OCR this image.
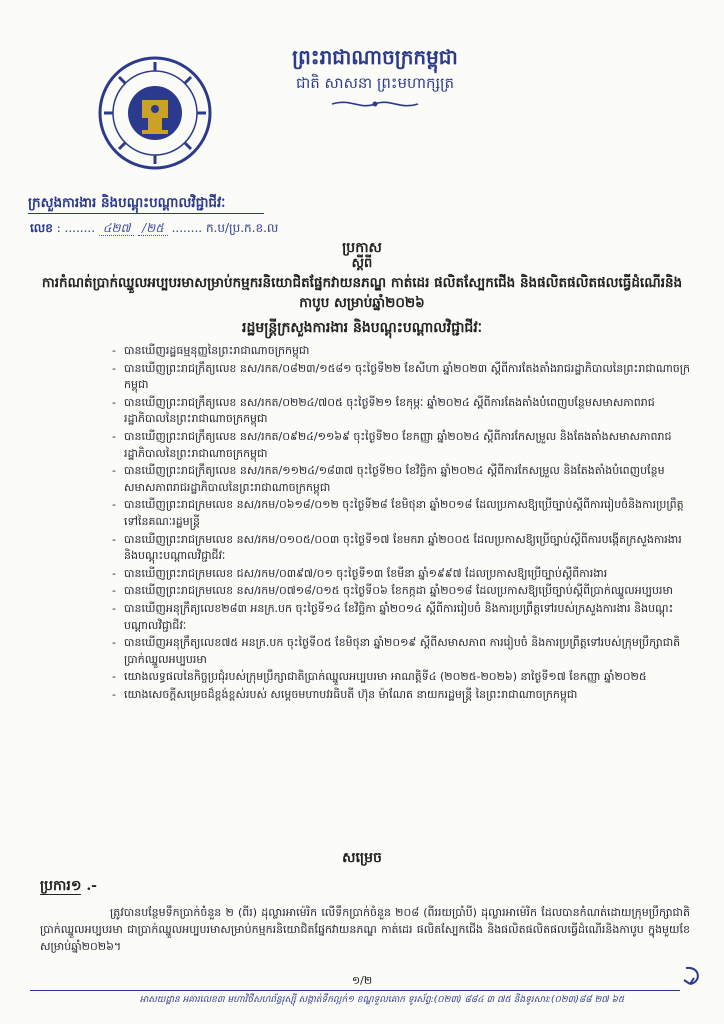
ព្រះរាជាណាចក្រកម្ពុជា
ជាតិ សាសនា ព្រះមហាក្សត្រ
ក្រសួងការងារ និងបណ្តុះបណ្តាលវិជ្ជាជីវៈ
លេខ : ........ ៤២៧ /២៥ ........ ក.ប/ប្រ.ក.ខ.ល
ប្រកាស
ស្តីពី
ការកំណត់ប្រាក់ឈ្នួលអប្បបរមាសម្រាប់កម្មករនិយោជិតផ្នែកវាយនភណ្ឌ កាត់ដេរ ផលិតស្បែកជើង និងផលិតផលិតផលធ្វើដំណើរនិងកាបូប សម្រាប់ឆ្នាំ២០២៦
រដ្ឋមន្ត្រីក្រសួងការងារ និងបណ្តុះបណ្តាលវិជ្ជាជីវៈ
- បានឃើញរដ្ឋធម្មនុញ្ញនៃព្រះរាជាណាចក្រកម្ពុជា
- បានឃើញព្រះរាជក្រឹត្យលេខ នស/រកត/០៨២៣/១៥៨១ ចុះថ្ងៃទី២២ ខែសីហា ឆ្នាំ២០២៣ ស្តីពីការតែងតាំងរាជរដ្ឋាភិបាលនៃព្រះរាជាណាចក្រកម្ពុជា
- បានឃើញព្រះរាជក្រឹត្យលេខ នស/រកត/០២២៤/៧០៥ ចុះថ្ងៃទី២១ ខែកុម្ភៈ ឆ្នាំ២០២៤ ស្តីពីការតែងតាំងបំពេញបន្ថែមសមាសភាពរាជរដ្ឋាភិបាលនៃព្រះរាជាណាចក្រកម្ពុជា
- បានឃើញព្រះរាជក្រឹត្យលេខ នស/រកត/០៩២៤/១១៦៩ ចុះថ្ងៃទី២០ ខែកញ្ញា ឆ្នាំ២០២៤ ស្តីពីការកែសម្រួល និងតែងតាំងសមាសភាពរាជរដ្ឋាភិបាលនៃព្រះរាជាណាចក្រកម្ពុជា
- បានឃើញព្រះរាជក្រឹត្យលេខ នស/រកត/១១២៤/១៨៣៧ ចុះថ្ងៃទី២០ ខែវិច្ឆិកា ឆ្នាំ២០២៤ ស្តីពីការកែសម្រួល និងតែងតាំងបំពេញបន្ថែមសមាសភាពរាជរដ្ឋាភិបាលនៃព្រះរាជាណាចក្រកម្ពុជា
- បានឃើញព្រះរាជក្រមលេខ នស/រកម/០៦១៨/០១២ ចុះថ្ងៃទី២៨ ខែមិថុនា ឆ្នាំ២០១៨ ដែលប្រកាសឱ្យប្រើច្បាប់ស្តីពីការរៀបចំនិងការប្រព្រឹត្តទៅនៃគណៈរដ្ឋមន្ត្រី
- បានឃើញព្រះរាជក្រមលេខ នស/រកម/០១០៥/០០៣ ចុះថ្ងៃទី១៧ ខែមករា ឆ្នាំ២០០៥ ដែលប្រកាសឱ្យប្រើច្បាប់ស្តីពីការបង្កើតក្រសួងការងារ និងបណ្តុះបណ្តាលវិជ្ជាជីវៈ
- បានឃើញព្រះរាជក្រមលេខ ជស/រកម/០៣៩៧/០១ ចុះថ្ងៃទី១៣ ខែមីនា ឆ្នាំ១៩៩៧ ដែលប្រកាសឱ្យប្រើច្បាប់ស្តីពីការងារ
- បានឃើញព្រះរាជក្រមលេខ នស/រកម/០៧១៨/០១៥ ចុះថ្ងៃទី០៦ ខែកក្កដា ឆ្នាំ២០១៨ ដែលប្រកាសឱ្យប្រើច្បាប់ស្តីពីប្រាក់ឈ្នួលអប្បបរមា
- បានឃើញអនុក្រឹត្យលេខ២៨៣ អនក្រ.បក ចុះថ្ងៃទី១៤ ខែវិច្ឆិកា ឆ្នាំ២០១៤ ស្តីពីការរៀបចំ និងការប្រព្រឹត្តទៅរបស់ក្រសួងការងារ និងបណ្តុះបណ្តាលវិជ្ជាជីវៈ
- បានឃើញអនុក្រឹត្យលេខ៧៥ អនក្រ.បក ចុះថ្ងៃទី០៥ ខែមិថុនា ឆ្នាំ២០១៩ ស្តីពីសមាសភាព ការរៀបចំ និងការប្រព្រឹត្តទៅរបស់ក្រុមប្រឹក្សាជាតិប្រាក់ឈ្នួលអប្បបរមា
- យោងលទ្ធផលនៃកិច្ចប្រជុំរបស់ក្រុមប្រឹក្សាជាតិប្រាក់ឈ្នួលអប្បបរមា អាណត្តិទី៤ (២០២៥-២០២៦) នាថ្ងៃទី១៧ ខែកញ្ញា ឆ្នាំ២០២៥
- យោងសេចក្តីសម្រេចដ៏ខ្ពង់ខ្ពស់របស់ សម្តេចមហាបវរធិបតី ហ៊ុន ម៉ាណែត នាយករដ្ឋមន្ត្រី នៃព្រះរាជាណាចក្រកម្ពុជា
សម្រេច
ប្រការ១ .-
ត្រូវបានបន្ថែមទឹកប្រាក់ចំនួន ២ (ពីរ) ដុល្លារអាម៉េរិក លើទឹកប្រាក់ចំនួន ២០៨ (ពីររយប្រាំបី) ដុល្លារអាម៉េរិក ដែលបានកំណត់ដោយក្រុមប្រឹក្សាជាតិប្រាក់ឈ្នួលអប្បបរមា ជាប្រាក់ឈ្នួលអប្បបរមាសម្រាប់កម្មករនិយោជិតផ្នែកវាយនភណ្ឌ កាត់ដេរ ផលិតស្បែកជើង និងផលិតផលិតផលធ្វើដំណើរនិងកាបូប ក្នុងមួយខែ សម្រាប់ឆ្នាំ២០២៦។
១/២
អាសយដ្ឋាន អគារលេខ៣ មហាវិថីសហព័ន្ធរុស្ស៊ី សង្កាត់ទឹកល្អក់១ ខណ្ឌទួលគោក ទូរស័ព្ទ:(០២៣) ៨៨៤ ៣ ៧៥ និងទូរសារ:(០២៣)៨៨ ២៧ ៦៥
